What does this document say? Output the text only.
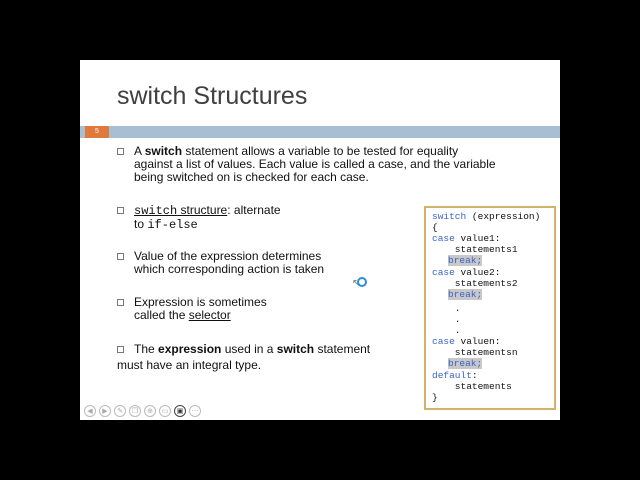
switch Structures
5
A switch statement allows a variable to be tested for equality
against a list of values. Each value is called a case, and the variable
being switched on is checked for each case.
switch structure: alternate
to if-else
Value of the expression determines
which corresponding action is taken
Expression is sometimes
called the selector
The expression used in a switch statement
must have an integral type.
switch (expression)
{
case value1:
statements1
break;
case value2:
statements2
break;
.
.
.
case valuen:
statementsn
break;
default:
statements
}
↖
◀	▶	✎	❐	⊕	▭	▣	⋯
